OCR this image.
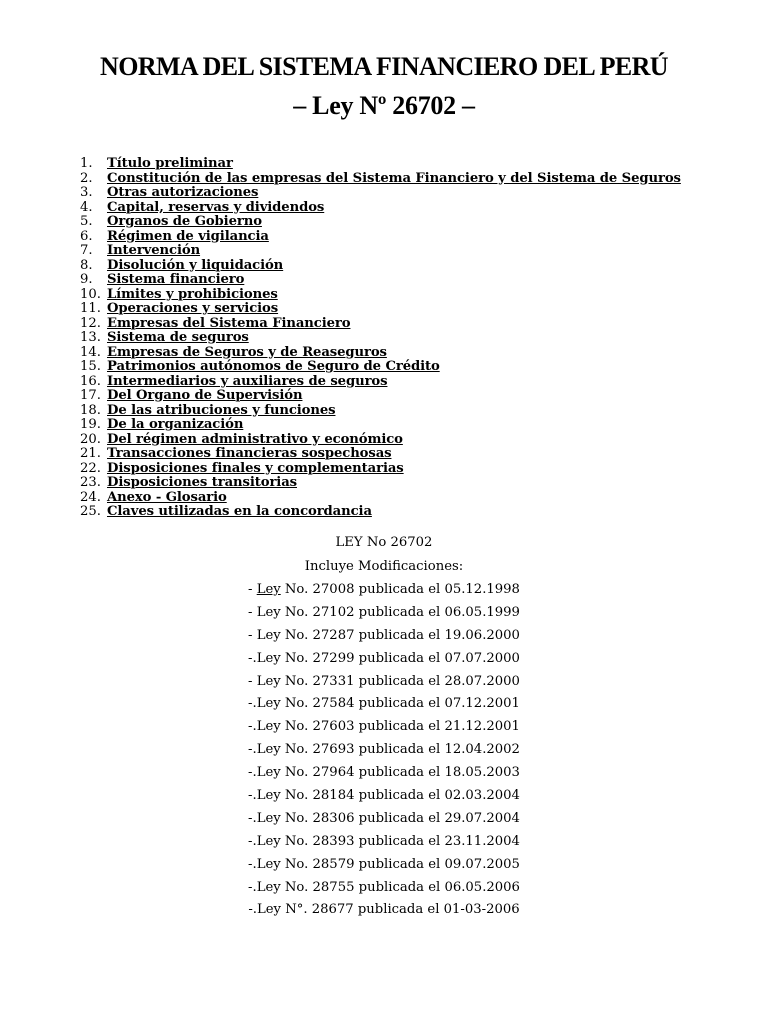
NORMA DEL SISTEMA FINANCIERO DEL PERÚ
– Ley Nº 26702 –
1. Título preliminar
2. Constitución de las empresas del Sistema Financiero y del Sistema de Seguros
3. Otras autorizaciones
4. Capital, reservas y dividendos
5. Organos de Gobierno
6. Régimen de vigilancia
7. Intervención
8. Disolución y liquidación
9. Sistema financiero
10. Límites y prohibiciones
11. Operaciones y servicios
12. Empresas del Sistema Financiero
13. Sistema de seguros
14. Empresas de Seguros y de Reaseguros
15. Patrimonios autónomos de Seguro de Crédito
16. Intermediarios y auxiliares de seguros
17. Del Organo de Supervisión
18. De las atribuciones y funciones
19. De la organización
20. Del régimen administrativo y económico
21. Transacciones financieras sospechosas
22. Disposiciones finales y complementarias
23. Disposiciones transitorias
24. Anexo - Glosario
25. Claves utilizadas en la concordancia
LEY No 26702
Incluye Modificaciones:
- Ley No. 27008 publicada el 05.12.1998
- Ley No. 27102 publicada el 06.05.1999
- Ley No. 27287 publicada el 19.06.2000
-.Ley No. 27299 publicada el 07.07.2000
- Ley No. 27331 publicada el 28.07.2000
-.Ley No. 27584 publicada el 07.12.2001
-.Ley No. 27603 publicada el 21.12.2001
-.Ley No. 27693 publicada el 12.04.2002
-.Ley No. 27964 publicada el 18.05.2003
-.Ley No. 28184 publicada el 02.03.2004
-.Ley No. 28306 publicada el 29.07.2004
-.Ley No. 28393 publicada el 23.11.2004
-.Ley No. 28579 publicada el 09.07.2005
-.Ley No. 28755 publicada el 06.05.2006
-.Ley N°. 28677 publicada el 01-03-2006
